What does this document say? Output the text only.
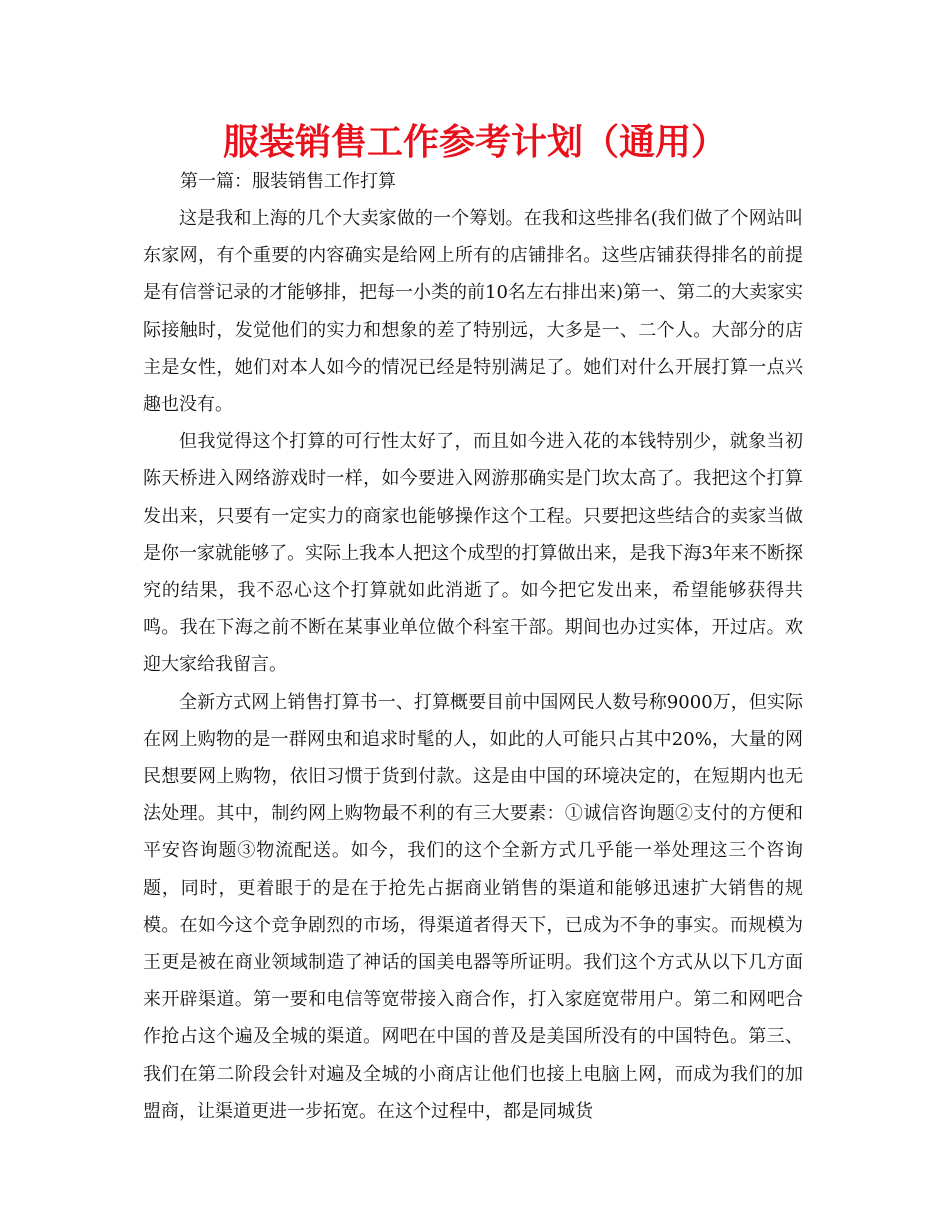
服装销售工作参考计划（通用）

第一篇：服装销售工作打算

这是我和上海的几个大卖家做的一个筹划。在我和这些排名(我们做了个网站叫东家网，有个重要的内容确实是给网上所有的店铺排名。这些店铺获得排名的前提是有信誉记录的才能够排，把每一小类的前10名左右排出来)第一、第二的大卖家实际接触时，发觉他们的实力和想象的差了特别远，大多是一、二个人。大部分的店主是女性，她们对本人如今的情况已经是特别满足了。她们对什么开展打算一点兴趣也没有。

但我觉得这个打算的可行性太好了，而且如今进入花的本钱特别少，就象当初陈天桥进入网络游戏时一样，如今要进入网游那确实是门坎太高了。我把这个打算发出来，只要有一定实力的商家也能够操作这个工程。只要把这些结合的卖家当做是你一家就能够了。实际上我本人把这个成型的打算做出来，是我下海3年来不断探究的结果，我不忍心这个打算就如此消逝了。如今把它发出来，希望能够获得共鸣。我在下海之前不断在某事业单位做个科室干部。期间也办过实体，开过店。欢迎大家给我留言。

全新方式网上销售打算书一、打算概要目前中国网民人数号称9000万，但实际在网上购物的是一群网虫和追求时髦的人，如此的人可能只占其中20%，大量的网民想要网上购物，依旧习惯于货到付款。这是由中国的环境决定的，在短期内也无法处理。其中，制约网上购物最不利的有三大要素：①诚信咨询题②支付的方便和平安咨询题③物流配送。如今，我们的这个全新方式几乎能一举处理这三个咨询题，同时，更着眼于的是在于抢先占据商业销售的渠道和能够迅速扩大销售的规模。在如今这个竞争剧烈的市场，得渠道者得天下，已成为不争的事实。而规模为王更是被在商业领域制造了神话的国美电器等所证明。我们这个方式从以下几方面来开辟渠道。第一要和电信等宽带接入商合作，打入家庭宽带用户。第二和网吧合作抢占这个遍及全城的渠道。网吧在中国的普及是美国所没有的中国特色。第三、我们在第二阶段会针对遍及全城的小商店让他们也接上电脑上网，而成为我们的加盟商，让渠道更进一步拓宽。在这个过程中，都是同城货
